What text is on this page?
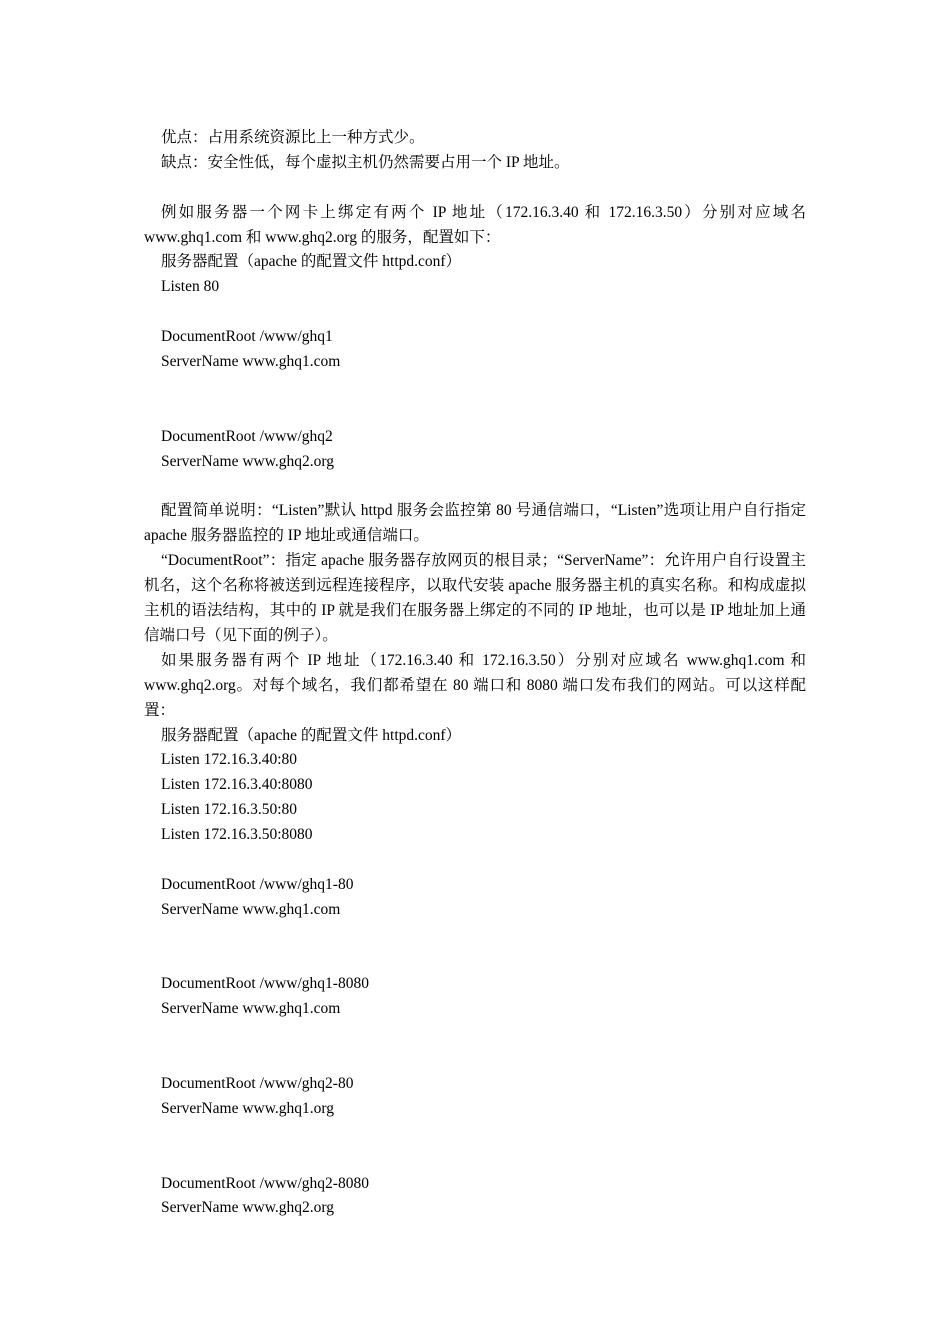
优点：占用系统资源比上一种方式少。
缺点：安全性低，每个虚拟主机仍然需要占用一个 IP 地址。

例如服务器一个网卡上绑定有两个 IP 地址（172.16.3.40 和 172.16.3.50）分别对应域名 www.ghq1.com 和 www.ghq2.org 的服务，配置如下：

服务器配置（apache 的配置文件 httpd.conf）
Listen 80
DocumentRoot /www/ghq1
ServerName www.ghq1.com
DocumentRoot /www/ghq2
ServerName www.ghq2.org

配置简单说明：“Listen”默认 httpd 服务会监控第 80 号通信端口，“Listen”选项让用户自行指定 apache 服务器监控的 IP 地址或通信端口。

“DocumentRoot”：指定 apache 服务器存放网页的根目录；“ServerName”：允许用户自行设置主机名，这个名称将被送到远程连接程序，以取代安装 apache 服务器主机的真实名称。和构成虚拟主机的语法结构，其中的 IP 就是我们在服务器上绑定的不同的 IP 地址，也可以是 IP 地址加上通信端口号（见下面的例子）。

如果服务器有两个 IP 地址（172.16.3.40 和 172.16.3.50）分别对应域名 www.ghq1.com 和 www.ghq2.org。对每个域名，我们都希望在 80 端口和 8080 端口发布我们的网站。可以这样配置：

服务器配置（apache 的配置文件 httpd.conf）
Listen 172.16.3.40:80
Listen 172.16.3.40:8080
Listen 172.16.3.50:80
Listen 172.16.3.50:8080
DocumentRoot /www/ghq1-80
ServerName www.ghq1.com
DocumentRoot /www/ghq1-8080
ServerName www.ghq1.com
DocumentRoot /www/ghq2-80
ServerName www.ghq1.org
DocumentRoot /www/ghq2-8080
ServerName www.ghq2.org
